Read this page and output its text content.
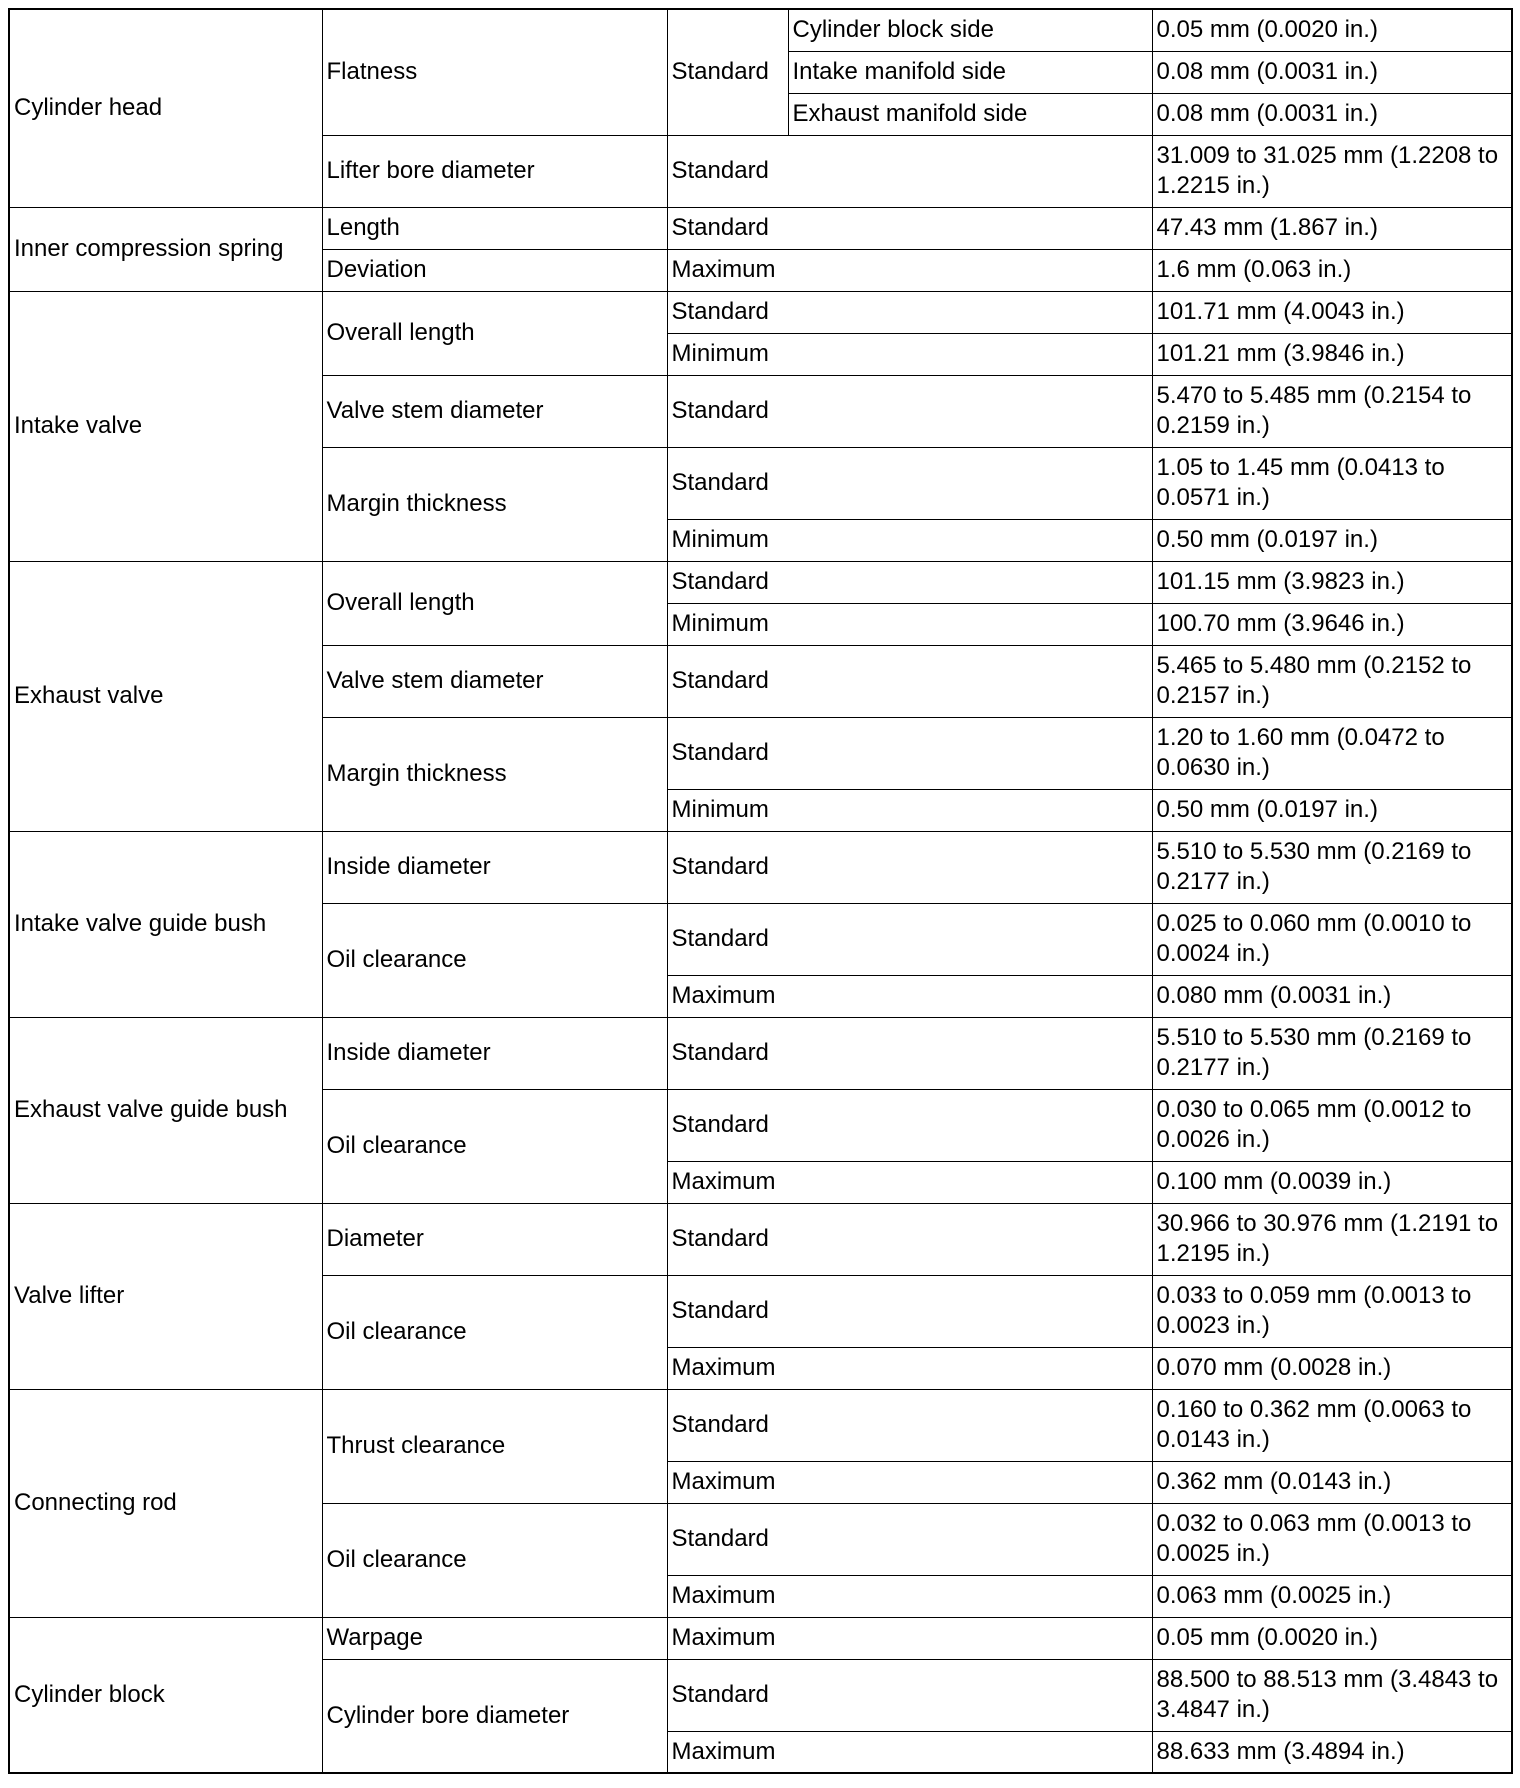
Cylinder head	Flatness	Standard	Cylinder block side	0.05 mm (0.0020 in.)
			Intake manifold side	0.08 mm (0.0031 in.)
			Exhaust manifold side	0.08 mm (0.0031 in.)
	Lifter bore diameter	Standard		31.009 to 31.025 mm (1.2208 to 1.2215 in.)
Inner compression spring	Length	Standard		47.43 mm (1.867 in.)
	Deviation	Maximum		1.6 mm (0.063 in.)
Intake valve	Overall length	Standard		101.71 mm (4.0043 in.)
		Minimum		101.21 mm (3.9846 in.)
	Valve stem diameter	Standard		5.470 to 5.485 mm (0.2154 to 0.2159 in.)
	Margin thickness	Standard		1.05 to 1.45 mm (0.0413 to 0.0571 in.)
		Minimum		0.50 mm (0.0197 in.)
Exhaust valve	Overall length	Standard		101.15 mm (3.9823 in.)
		Minimum		100.70 mm (3.9646 in.)
	Valve stem diameter	Standard		5.465 to 5.480 mm (0.2152 to 0.2157 in.)
	Margin thickness	Standard		1.20 to 1.60 mm (0.0472 to 0.0630 in.)
		Minimum		0.50 mm (0.0197 in.)
Intake valve guide bush	Inside diameter	Standard		5.510 to 5.530 mm (0.2169 to 0.2177 in.)
	Oil clearance	Standard		0.025 to 0.060 mm (0.0010 to 0.0024 in.)
		Maximum		0.080 mm (0.0031 in.)
Exhaust valve guide bush	Inside diameter	Standard		5.510 to 5.530 mm (0.2169 to 0.2177 in.)
	Oil clearance	Standard		0.030 to 0.065 mm (0.0012 to 0.0026 in.)
		Maximum		0.100 mm (0.0039 in.)
Valve lifter	Diameter	Standard		30.966 to 30.976 mm (1.2191 to 1.2195 in.)
	Oil clearance	Standard		0.033 to 0.059 mm (0.0013 to 0.0023 in.)
		Maximum		0.070 mm (0.0028 in.)
Connecting rod	Thrust clearance	Standard		0.160 to 0.362 mm (0.0063 to 0.0143 in.)
		Maximum		0.362 mm (0.0143 in.)
	Oil clearance	Standard		0.032 to 0.063 mm (0.0013 to 0.0025 in.)
		Maximum		0.063 mm (0.0025 in.)
Cylinder block	Warpage	Maximum		0.05 mm (0.0020 in.)
	Cylinder bore diameter	Standard		88.500 to 88.513 mm (3.4843 to 3.4847 in.)
		Maximum		88.633 mm (3.4894 in.)
